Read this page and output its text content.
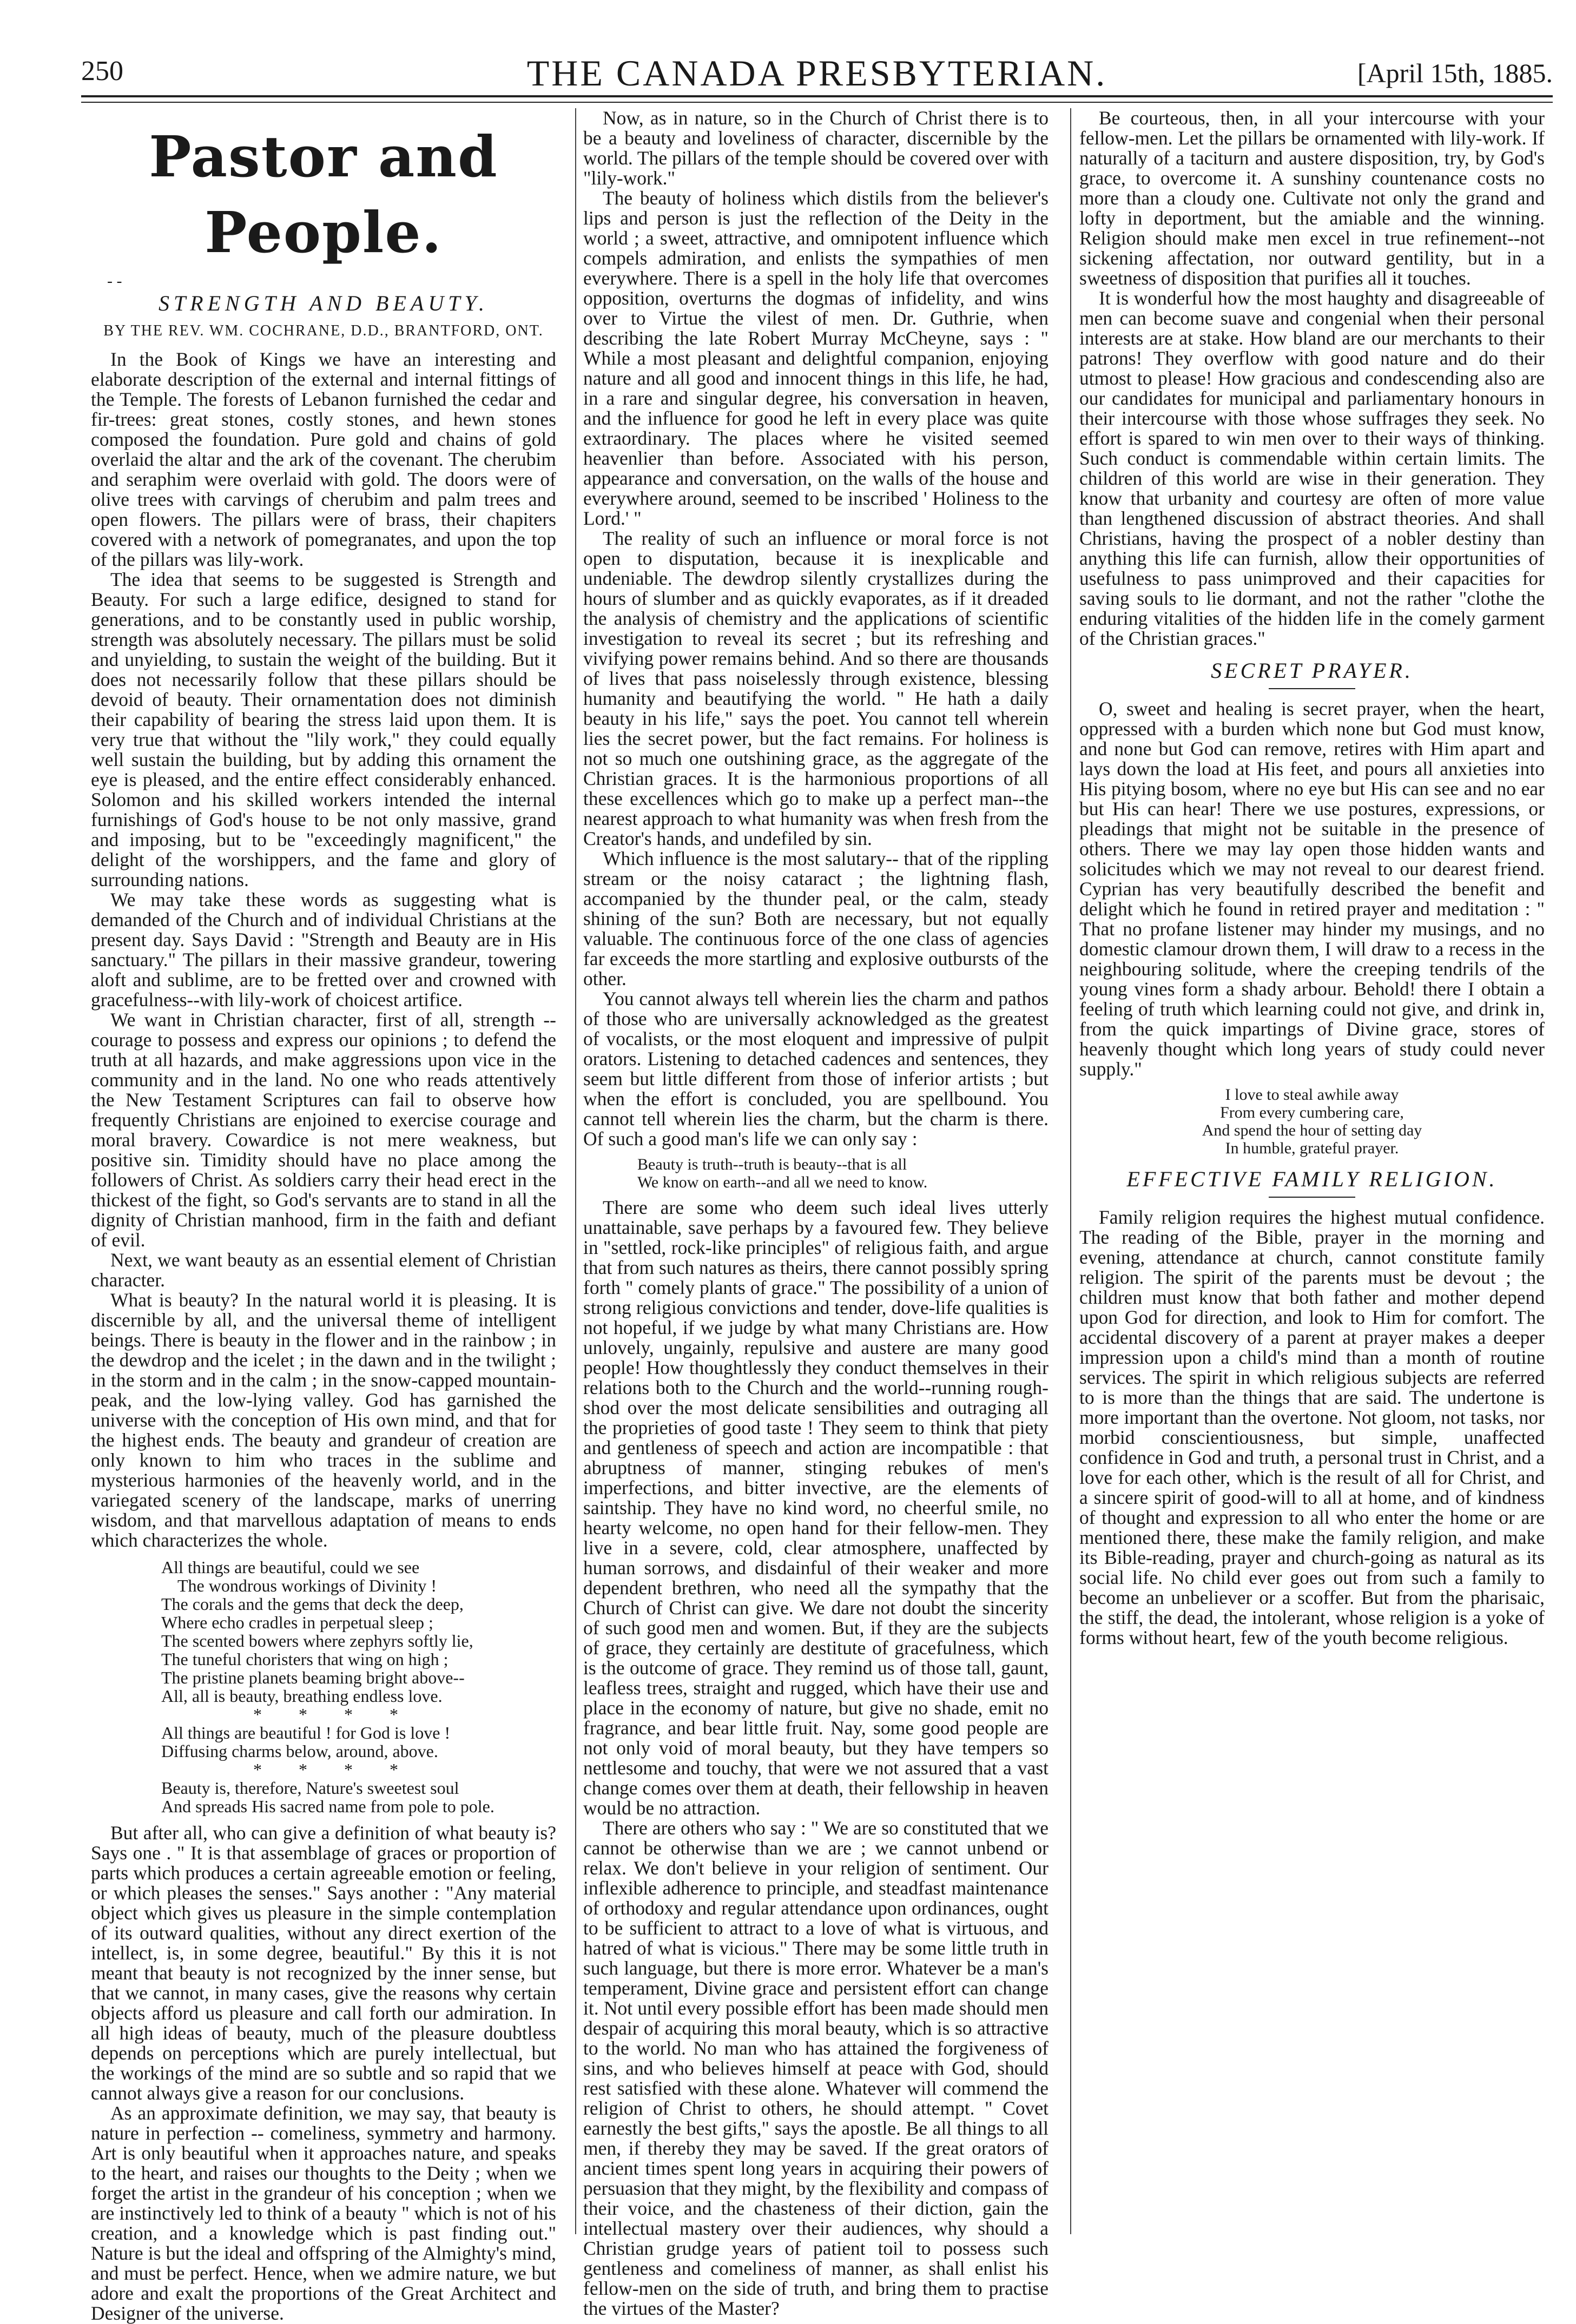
250	THE CANADA PRESBYTERIAN.	[April 15th, 1885.
Pastor and People.
- -
STRENGTH AND BEAUTY.
BY THE REV. WM. COCHRANE, D.D., BRANTFORD, ONT.

In the Book of Kings we have an interesting and elaborate description of the external and internal fittings of the Temple. The forests of Lebanon furnished the cedar and fir-trees: great stones, costly stones, and hewn stones composed the foundation. Pure gold and chains of gold overlaid the altar and the ark of the covenant. The cherubim and seraphim were overlaid with gold. The doors were of olive trees with carvings of cherubim and palm trees and open flowers. The pillars were of brass, their chapiters covered with a network of pomegranates, and upon the top of the pillars was lily-work.

The idea that seems to be suggested is Strength and Beauty. For such a large edifice, designed to stand for generations, and to be constantly used in public worship, strength was absolutely necessary. The pillars must be solid and unyielding, to sustain the weight of the building. But it does not necessarily follow that these pillars should be devoid of beauty. Their ornamentation does not diminish their capability of bearing the stress laid upon them. It is very true that without the "lily work," they could equally well sustain the building, but by adding this ornament the eye is pleased, and the entire effect considerably enhanced. Solomon and his skilled workers intended the internal furnishings of God's house to be not only massive, grand and imposing, but to be "exceedingly magnificent," the delight of the worshippers, and the fame and glory of surrounding nations.

We may take these words as suggesting what is demanded of the Church and of individual Christians at the present day. Says David : "Strength and Beauty are in His sanctuary." The pillars in their massive grandeur, towering aloft and sublime, are to be fretted over and crowned with gracefulness--with lily-work of choicest artifice.

We want in Christian character, first of all, strength --courage to possess and express our opinions ; to defend the truth at all hazards, and make aggressions upon vice in the community and in the land. No one who reads attentively the New Testament Scriptures can fail to observe how frequently Christians are enjoined to exercise courage and moral bravery. Cowardice is not mere weakness, but positive sin. Timidity should have no place among the followers of Christ. As soldiers carry their head erect in the thickest of the fight, so God's servants are to stand in all the dignity of Christian manhood, firm in the faith and defiant of evil.

Next, we want beauty as an essential element of Christian character.

What is beauty? In the natural world it is pleasing. It is discernible by all, and the universal theme of intelligent beings. There is beauty in the flower and in the rainbow ; in the dewdrop and the icelet ; in the dawn and in the twilight ; in the storm and in the calm ; in the snow-capped mountain-peak, and the low-lying valley. God has garnished the universe with the conception of His own mind, and that for the highest ends. The beauty and grandeur of creation are only known to him who traces in the sublime and mysterious harmonies of the heavenly world, and in the variegated scenery of the landscape, marks of unerring wisdom, and that marvellous adaptation of means to ends which characterizes the whole.

All things are beautiful, could we see
The wondrous workings of Divinity !
The corals and the gems that deck the deep,
Where echo cradles in perpetual sleep ;
The scented bowers where zephyrs softly lie,
The tuneful choristers that wing on high ;
The pristine planets beaming bright above--
All, all is beauty, breathing endless love.
* * * *
All things are beautiful ! for God is love !
Diffusing charms below, around, above.
* * * *
Beauty is, therefore, Nature's sweetest soul
And spreads His sacred name from pole to pole.

But after all, who can give a definition of what beauty is? Says one . " It is that assemblage of graces or proportion of parts which produces a certain agreeable emotion or feeling, or which pleases the senses." Says another : "Any material object which gives us pleasure in the simple contemplation of its outward qualities, without any direct exertion of the intellect, is, in some degree, beautiful." By this it is not meant that beauty is not recognized by the inner sense, but that we cannot, in many cases, give the reasons why certain objects afford us pleasure and call forth our admiration. In all high ideas of beauty, much of the pleasure doubtless depends on perceptions which are purely intellectual, but the workings of the mind are so subtle and so rapid that we cannot always give a reason for our conclusions.

As an approximate definition, we may say, that beauty is nature in perfection -- comeliness, symmetry and harmony. Art is only beautiful when it approaches nature, and speaks to the heart, and raises our thoughts to the Deity ; when we forget the artist in the grandeur of his conception ; when we are instinctively led to think of a beauty " which is not of his creation, and a knowledge which is past finding out." Nature is but the ideal and offspring of the Almighty's mind, and must be perfect. Hence, when we admire nature, we but adore and exalt the proportions of the Great Architect and Designer of the universe.

Now, as in nature, so in the Church of Christ there is to be a beauty and loveliness of character, discernible by the world. The pillars of the temple should be covered over with "lily-work."

The beauty of holiness which distils from the believer's lips and person is just the reflection of the Deity in the world ; a sweet, attractive, and omnipotent influence which compels admiration, and enlists the sympathies of men everywhere. There is a spell in the holy life that overcomes opposition, overturns the dogmas of infidelity, and wins over to Virtue the vilest of men. Dr. Guthrie, when describing the late Robert Murray McCheyne, says : " While a most pleasant and delightful companion, enjoying nature and all good and innocent things in this life, he had, in a rare and singular degree, his conversation in heaven, and the influence for good he left in every place was quite extraordinary. The places where he visited seemed heavenlier than before. Associated with his person, appearance and conversation, on the walls of the house and everywhere around, seemed to be inscribed ' Holiness to the Lord.' "

The reality of such an influence or moral force is not open to disputation, because it is inexplicable and undeniable. The dewdrop silently crystallizes during the hours of slumber and as quickly evaporates, as if it dreaded the analysis of chemistry and the applications of scientific investigation to reveal its secret ; but its refreshing and vivifying power remains behind. And so there are thousands of lives that pass noiselessly through existence, blessing humanity and beautifying the world. " He hath a daily beauty in his life," says the poet. You cannot tell wherein lies the secret power, but the fact remains. For holiness is not so much one outshining grace, as the aggregate of the Christian graces. It is the harmonious proportions of all these excellences which go to make up a perfect man--the nearest approach to what humanity was when fresh from the Creator's hands, and undefiled by sin.

Which influence is the most salutary-- that of the rippling stream or the noisy cataract ; the lightning flash, accompanied by the thunder peal, or the calm, steady shining of the sun? Both are necessary, but not equally valuable. The continuous force of the one class of agencies far exceeds the more startling and explosive outbursts of the other.

You cannot always tell wherein lies the charm and pathos of those who are universally acknowledged as the greatest of vocalists, or the most eloquent and impressive of pulpit orators. Listening to detached cadences and sentences, they seem but little different from those of inferior artists ; but when the effort is concluded, you are spellbound. You cannot tell wherein lies the charm, but the charm is there. Of such a good man's life we can only say :

Beauty is truth--truth is beauty--that is all
We know on earth--and all we need to know.

There are some who deem such ideal lives utterly unattainable, save perhaps by a favoured few. They believe in "settled, rock-like principles" of religious faith, and argue that from such natures as theirs, there cannot possibly spring forth " comely plants of grace." The possibility of a union of strong religious convictions and tender, dove-life qualities is not hopeful, if we judge by what many Christians are. How unlovely, ungainly, repulsive and austere are many good people! How thoughtlessly they conduct themselves in their relations both to the Church and the world--running rough-shod over the most delicate sensibilities and outraging all the proprieties of good taste ! They seem to think that piety and gentleness of speech and action are incompatible : that abruptness of manner, stinging rebukes of men's imperfections, and bitter invective, are the elements of saintship. They have no kind word, no cheerful smile, no hearty welcome, no open hand for their fellow-men. They live in a severe, cold, clear atmosphere, unaffected by human sorrows, and disdainful of their weaker and more dependent brethren, who need all the sympathy that the Church of Christ can give. We dare not doubt the sincerity of such good men and women. But, if they are the subjects of grace, they certainly are destitute of gracefulness, which is the outcome of grace. They remind us of those tall, gaunt, leafless trees, straight and rugged, which have their use and place in the economy of nature, but give no shade, emit no fragrance, and bear little fruit. Nay, some good people are not only void of moral beauty, but they have tempers so nettlesome and touchy, that were we not assured that a vast change comes over them at death, their fellowship in heaven would be no attraction.

There are others who say : " We are so constituted that we cannot be otherwise than we are ; we cannot unbend or relax. We don't believe in your religion of sentiment. Our inflexible adherence to principle, and steadfast maintenance of orthodoxy and regular attendance upon ordinances, ought to be sufficient to attract to a love of what is virtuous, and hatred of what is vicious." There may be some little truth in such language, but there is more error. Whatever be a man's temperament, Divine grace and persistent effort can change it. Not until every possible effort has been made should men despair of acquiring this moral beauty, which is so attractive to the world. No man who has attained the forgiveness of sins, and who believes himself at peace with God, should rest satisfied with these alone. Whatever will commend the religion of Christ to others, he should attempt. " Covet earnestly the best gifts," says the apostle. Be all things to all men, if thereby they may be saved. If the great orators of ancient times spent long years in acquiring their powers of persuasion that they might, by the flexibility and compass of their voice, and the chasteness of their diction, gain the intellectual mastery over their audiences, why should a Christian grudge years of patient toil to possess such gentleness and comeliness of manner, as shall enlist his fellow-men on the side of truth, and bring them to practise the virtues of the Master?

Be courteous, then, in all your intercourse with your fellow-men. Let the pillars be ornamented with lily-work. If naturally of a taciturn and austere disposition, try, by God's grace, to overcome it. A sunshiny countenance costs no more than a cloudy one. Cultivate not only the grand and lofty in deportment, but the amiable and the winning. Religion should make men excel in true refinement--not sickening affectation, nor outward gentility, but in a sweetness of disposition that purifies all it touches.

It is wonderful how the most haughty and disagreeable of men can become suave and congenial when their personal interests are at stake. How bland are our merchants to their patrons! They overflow with good nature and do their utmost to please! How gracious and condescending also are our candidates for municipal and parliamentary honours in their intercourse with those whose suffrages they seek. No effort is spared to win men over to their ways of thinking. Such conduct is commendable within certain limits. The children of this world are wise in their generation. They know that urbanity and courtesy are often of more value than lengthened discussion of abstract theories. And shall Christians, having the prospect of a nobler destiny than anything this life can furnish, allow their opportunities of usefulness to pass unimproved and their capacities for saving souls to lie dormant, and not the rather "clothe the enduring vitalities of the hidden life in the comely garment of the Christian graces."

SECRET PRAYER.

O, sweet and healing is secret prayer, when the heart, oppressed with a burden which none but God must know, and none but God can remove, retires with Him apart and lays down the load at His feet, and pours all anxieties into His pitying bosom, where no eye but His can see and no ear but His can hear! There we use postures, expressions, or pleadings that might not be suitable in the presence of others. There we may lay open those hidden wants and solicitudes which we may not reveal to our dearest friend. Cyprian has very beautifully described the benefit and delight which he found in retired prayer and meditation : " That no profane listener may hinder my musings, and no domestic clamour drown them, I will draw to a recess in the neighbouring solitude, where the creeping tendrils of the young vines form a shady arbour. Behold! there I obtain a feeling of truth which learning could not give, and drink in, from the quick impartings of Divine grace, stores of heavenly thought which long years of study could never supply."

I love to steal awhile away
From every cumbering care,
And spend the hour of setting day
In humble, grateful prayer.
EFFECTIVE FAMILY RELIGION.

Family religion requires the highest mutual confidence. The reading of the Bible, prayer in the morning and evening, attendance at church, cannot constitute family religion. The spirit of the parents must be devout ; the children must know that both father and mother depend upon God for direction, and look to Him for comfort. The accidental discovery of a parent at prayer makes a deeper impression upon a child's mind than a month of routine services. The spirit in which religious subjects are referred to is more than the things that are said. The undertone is more important than the overtone. Not gloom, not tasks, nor morbid conscientiousness, but simple, unaffected confidence in God and truth, a personal trust in Christ, and a love for each other, which is the result of all for Christ, and a sincere spirit of good-will to all at home, and of kindness of thought and expression to all who enter the home or are mentioned there, these make the family religion, and make its Bible-reading, prayer and church-going as natural as its social life. No child ever goes out from such a family to become an unbeliever or a scoffer. But from the pharisaic, the stiff, the dead, the intolerant, whose religion is a yoke of forms without heart, few of the youth become religious.
